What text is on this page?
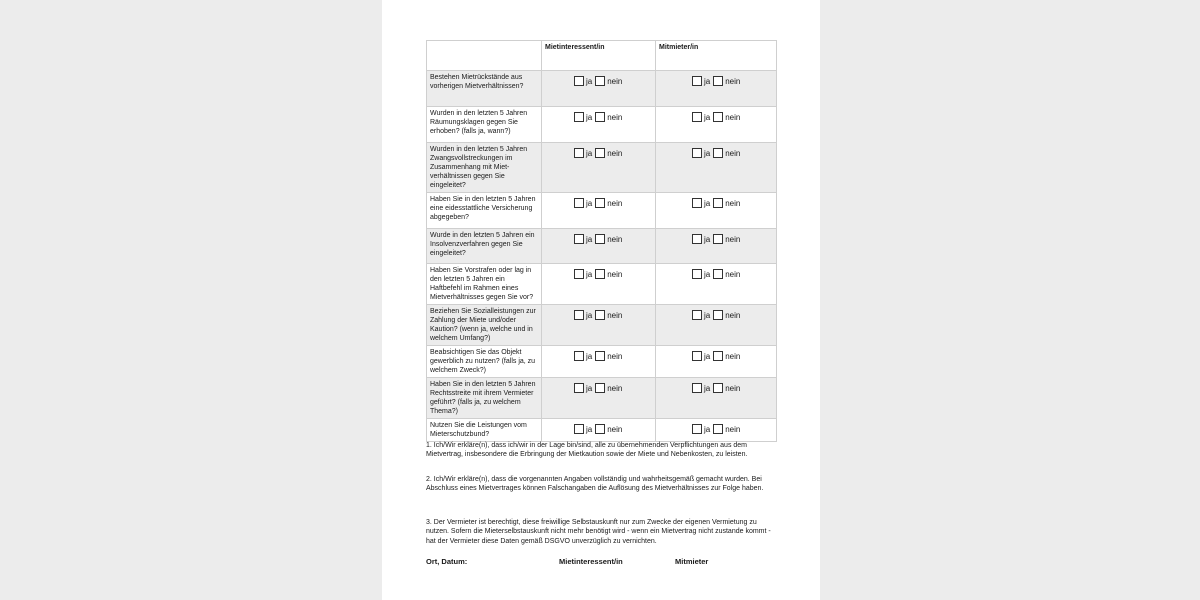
	Mietinteressent/in	Mitmieter/in
Bestehen Mietrückstände aus vorherigen Mietverhältnissen?	ja nein	ja nein

Wurden in den letzten 5 Jahren Räumungsklagen gegen Sie erhoben? (falls ja, wann?)	ja nein	ja nein

Wurden in den letzten 5 Jahren Zwangsvollstreckungen im Zusammenhang mit Miet-verhältnissen gegen Sie eingeleitet?	ja nein	ja nein

Haben Sie in den letzten 5 Jahren eine eidesstattliche Versicherung abgegeben?	ja nein	ja nein

Wurde in den letzten 5 Jahren ein Insolvenzverfahren gegen Sie eingeleitet?	ja nein	ja nein

Haben Sie Vorstrafen oder lag in den letzten 5 Jahren ein Haftbefehl im Rahmen eines Mietverhältnisses gegen Sie vor?	ja nein	ja nein

Beziehen Sie Sozialleistungen zur Zahlung der Miete und/oder Kaution? (wenn ja, welche und in welchem Umfang?)	ja nein	ja nein

Beabsichtigen Sie das Objekt gewerblich zu nutzen? (falls ja, zu welchem Zweck?)	ja nein	ja nein

Haben Sie in den letzten 5 Jahren Rechtsstreite mit ihrem Vermieter geführt? (falls ja, zu welchem Thema?)	ja nein	ja nein

Nutzen Sie die Leistungen vom Mieterschutzbund?	ja nein	ja nein

1. Ich/Wir erkläre(n), dass ich/wir in der Lage bin/sind, alle zu übernehmenden Verpflichtungen aus dem Mietvertrag, insbesondere die Erbringung der Mietkaution sowie der Miete und Nebenkosten, zu leisten.

2. Ich/Wir erkläre(n), dass die vorgenannten Angaben vollständig und wahrheitsgemäß gemacht wurden. Bei Abschluss eines Mietvertrages können Falschangaben die Auflösung des Mietverhältnisses zur Folge haben.

3. Der Vermieter ist berechtigt, diese freiwillige Selbstauskunft nur zum Zwecke der eigenen Vermietung zu nutzen. Sofern die Mieterselbstauskunft nicht mehr benötigt wird - wenn ein Mietvertrag nicht zustande kommt - hat der Vermieter diese Daten gemäß DSGVO unverzüglich zu vernichten.

Ort, Datum:	Mietinteressent/in	Mitmieter
